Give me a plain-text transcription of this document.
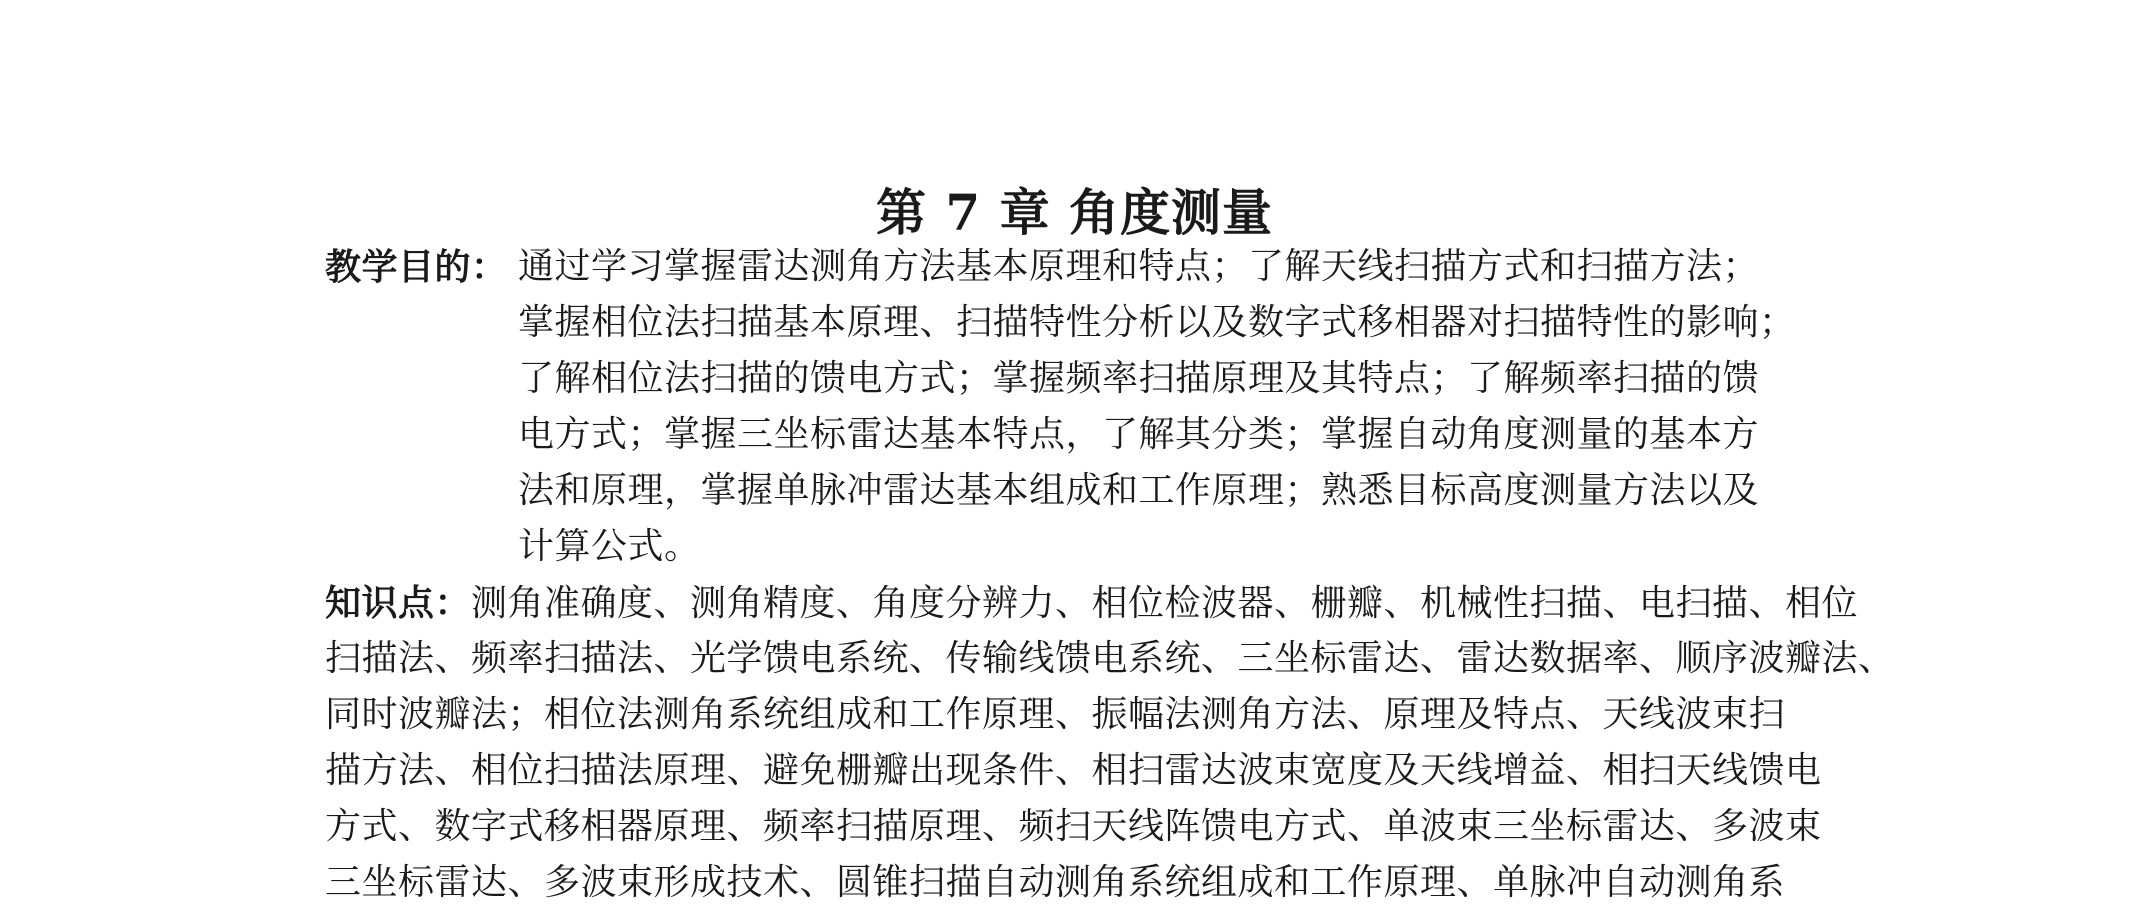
第 7 章 角度测量
教学目的： 通过学习掌握雷达测角方法基本原理和特点；了解天线扫描方式和扫描方法；
掌握相位法扫描基本原理、扫描特性分析以及数字式移相器对扫描特性的影响；
了解相位法扫描的馈电方式；掌握频率扫描原理及其特点；了解频率扫描的馈
电方式；掌握三坐标雷达基本特点，了解其分类；掌握自动角度测量的基本方
法和原理，掌握单脉冲雷达基本组成和工作原理；熟悉目标高度测量方法以及
计算公式。
知识点：测角准确度、测角精度、角度分辨力、相位检波器、栅瓣、机械性扫描、电扫描、相位
扫描法、频率扫描法、光学馈电系统、传输线馈电系统、三坐标雷达、雷达数据率、顺序波瓣法、
同时波瓣法；相位法测角系统组成和工作原理、振幅法测角方法、原理及特点、天线波束扫
描方法、相位扫描法原理、避免栅瓣出现条件、相扫雷达波束宽度及天线增益、相扫天线馈电
方式、数字式移相器原理、频率扫描原理、频扫天线阵馈电方式、单波束三坐标雷达、多波束
三坐标雷达、多波束形成技术、圆锥扫描自动测角系统组成和工作原理、单脉冲自动测角系
